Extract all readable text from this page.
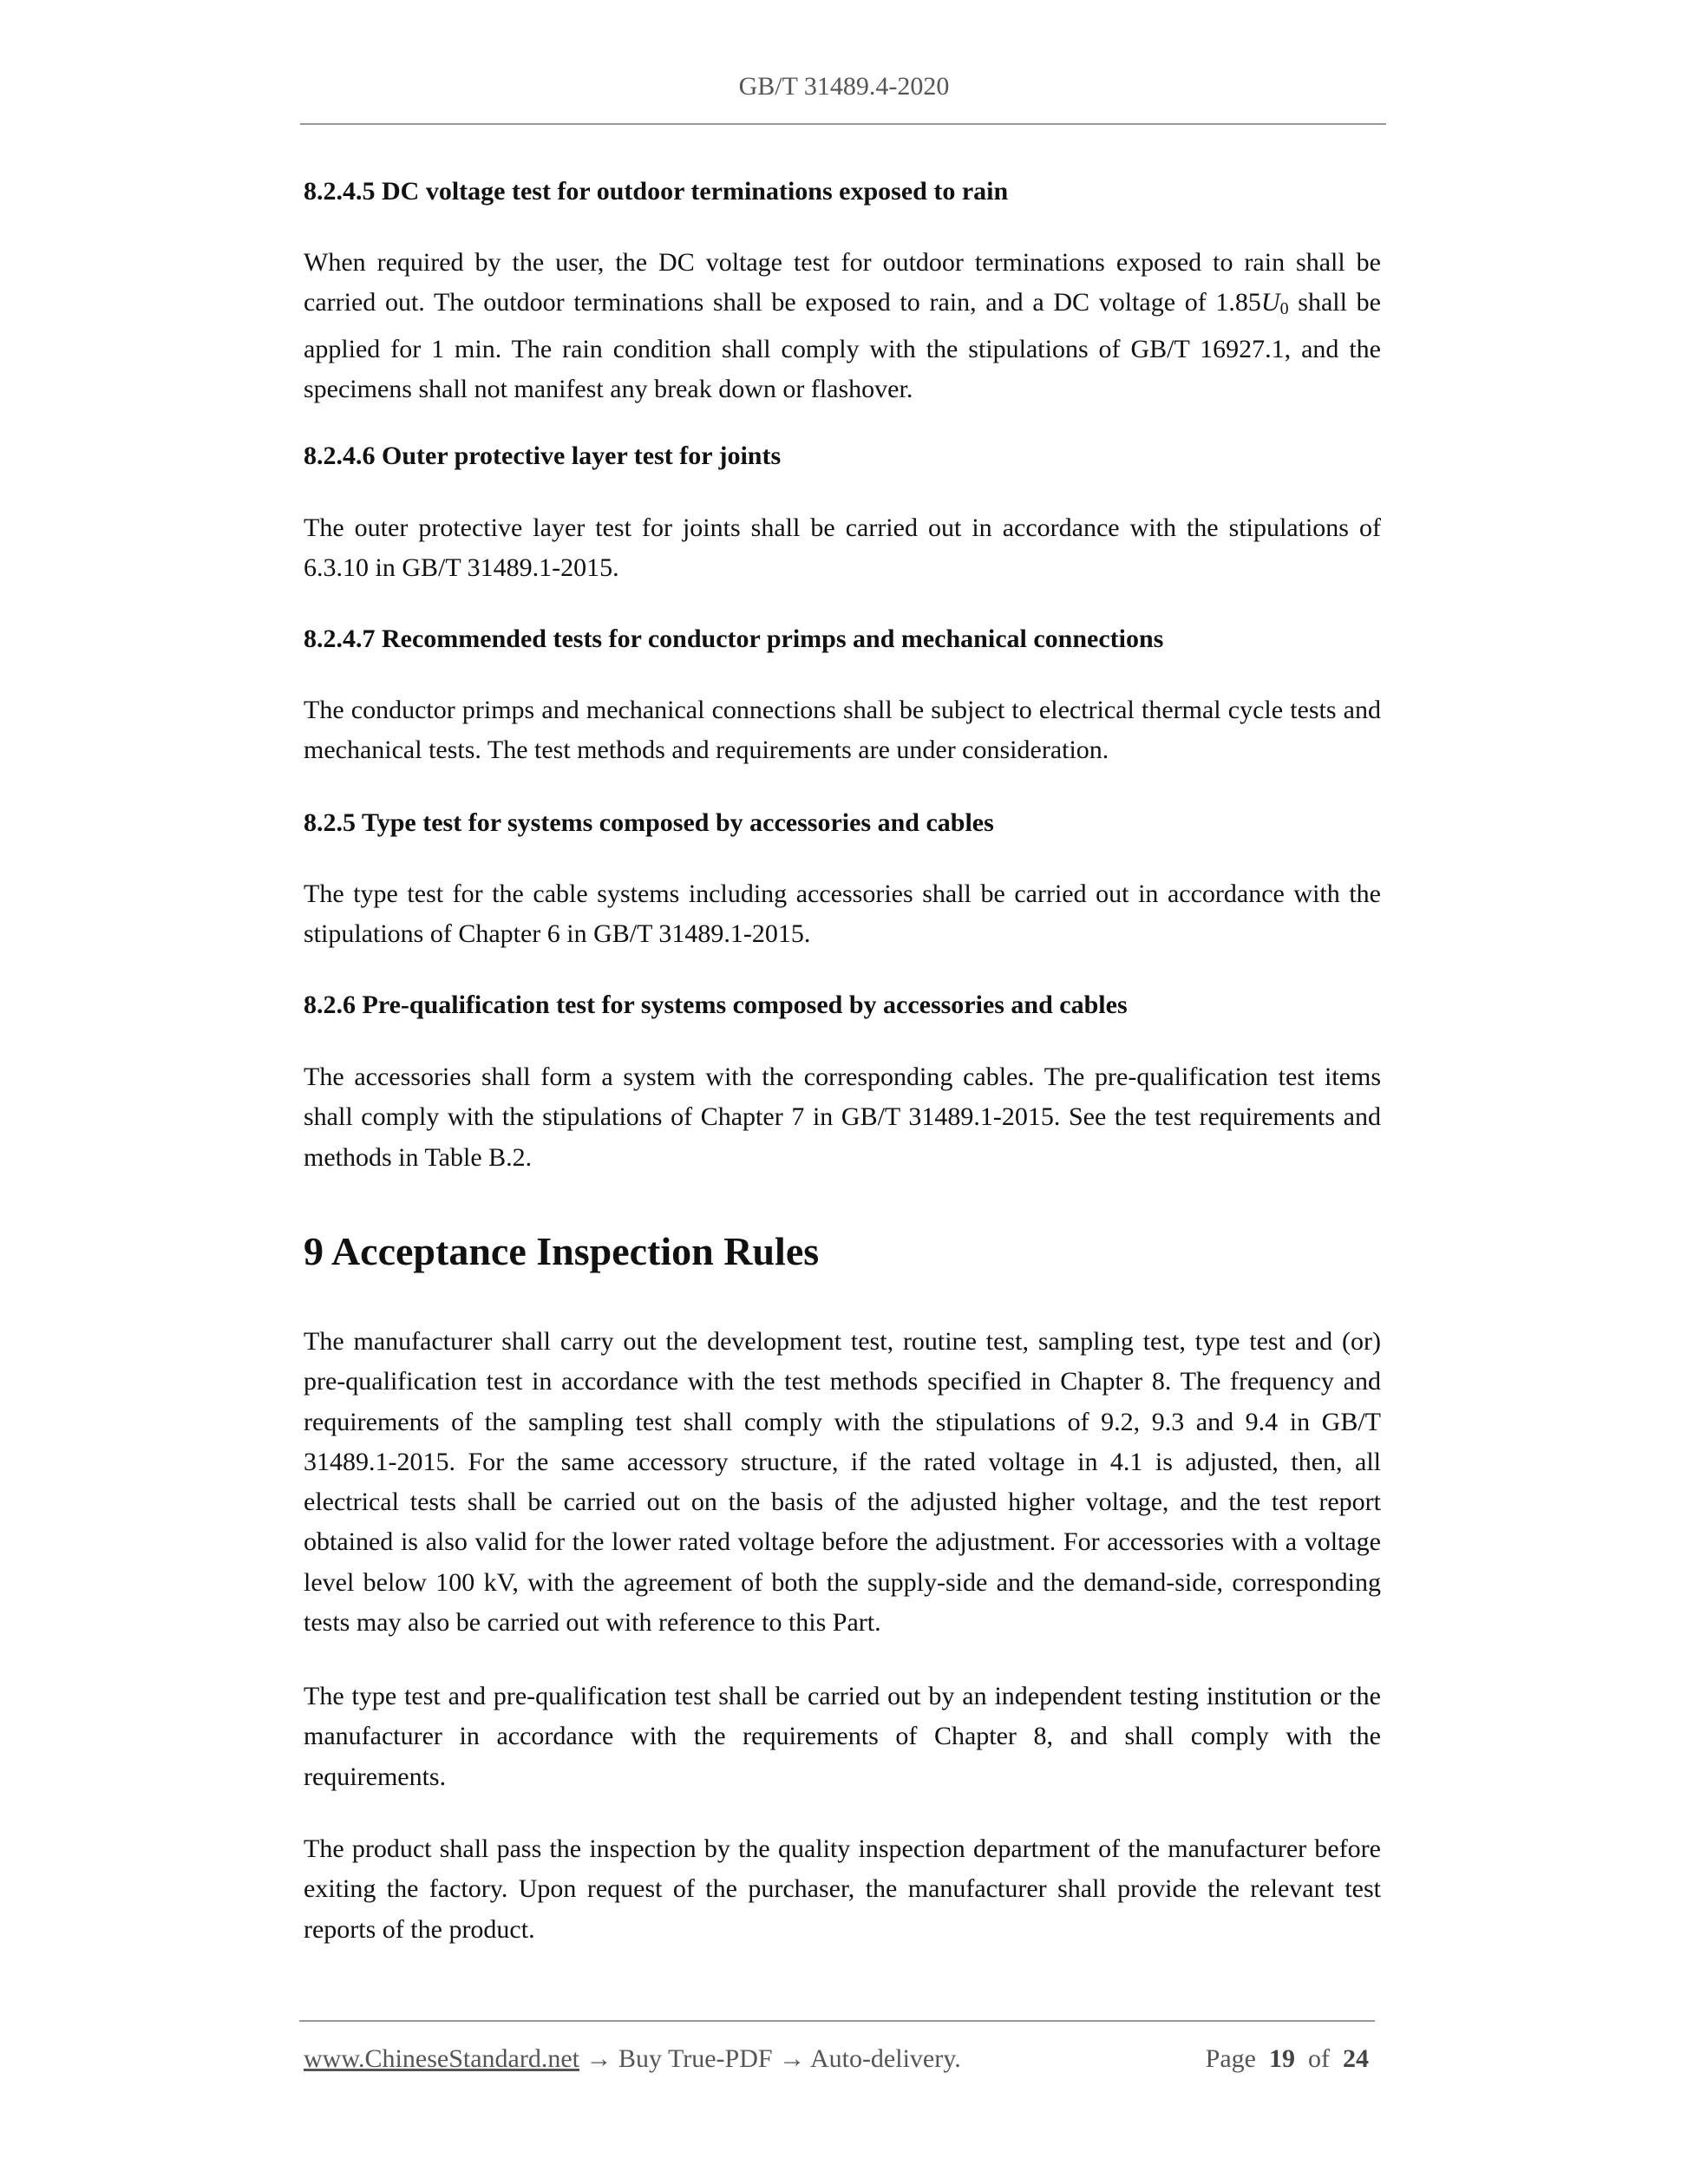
GB/T 31489.4-2020
8.2.4.5 DC voltage test for outdoor terminations exposed to rain
When required by the user, the DC voltage test for outdoor terminations exposed to rain shall be carried out. The outdoor terminations shall be exposed to rain, and a DC voltage of $1.85U_0$ shall be applied for 1 min. The rain condition shall comply with the stipulations of GB/T 16927.1, and the specimens shall not manifest any break down or flashover.
8.2.4.6 Outer protective layer test for joints
The outer protective layer test for joints shall be carried out in accordance with the stipulations of 6.3.10 in GB/T 31489.1-2015.
8.2.4.7 Recommended tests for conductor primps and mechanical connections
The conductor primps and mechanical connections shall be subject to electrical thermal cycle tests and mechanical tests. The test methods and requirements are under consideration.
8.2.5 Type test for systems composed by accessories and cables
The type test for the cable systems including accessories shall be carried out in accordance with the stipulations of Chapter 6 in GB/T 31489.1-2015.
8.2.6 Pre-qualification test for systems composed by accessories and cables
The accessories shall form a system with the corresponding cables. The pre-qualification test items shall comply with the stipulations of Chapter 7 in GB/T 31489.1-2015. See the test requirements and methods in Table B.2.
9 Acceptance Inspection Rules
The manufacturer shall carry out the development test, routine test, sampling test, type test and (or) pre-qualification test in accordance with the test methods specified in Chapter 8. The frequency and requirements of the sampling test shall comply with the stipulations of 9.2, 9.3 and 9.4 in GB/T 31489.1-2015. For the same accessory structure, if the rated voltage in 4.1 is adjusted, then, all electrical tests shall be carried out on the basis of the adjusted higher voltage, and the test report obtained is also valid for the lower rated voltage before the adjustment. For accessories with a voltage level below 100 kV, with the agreement of both the supply-side and the demand-side, corresponding tests may also be carried out with reference to this Part.
The type test and pre-qualification test shall be carried out by an independent testing institution or the manufacturer in accordance with the requirements of Chapter 8, and shall comply with the requirements.
The product shall pass the inspection by the quality inspection department of the manufacturer before exiting the factory. Upon request of the purchaser, the manufacturer shall provide the relevant test reports of the product.
www.ChineseStandard.net → Buy True-PDF → Auto-delivery.	Page 19 of 24
